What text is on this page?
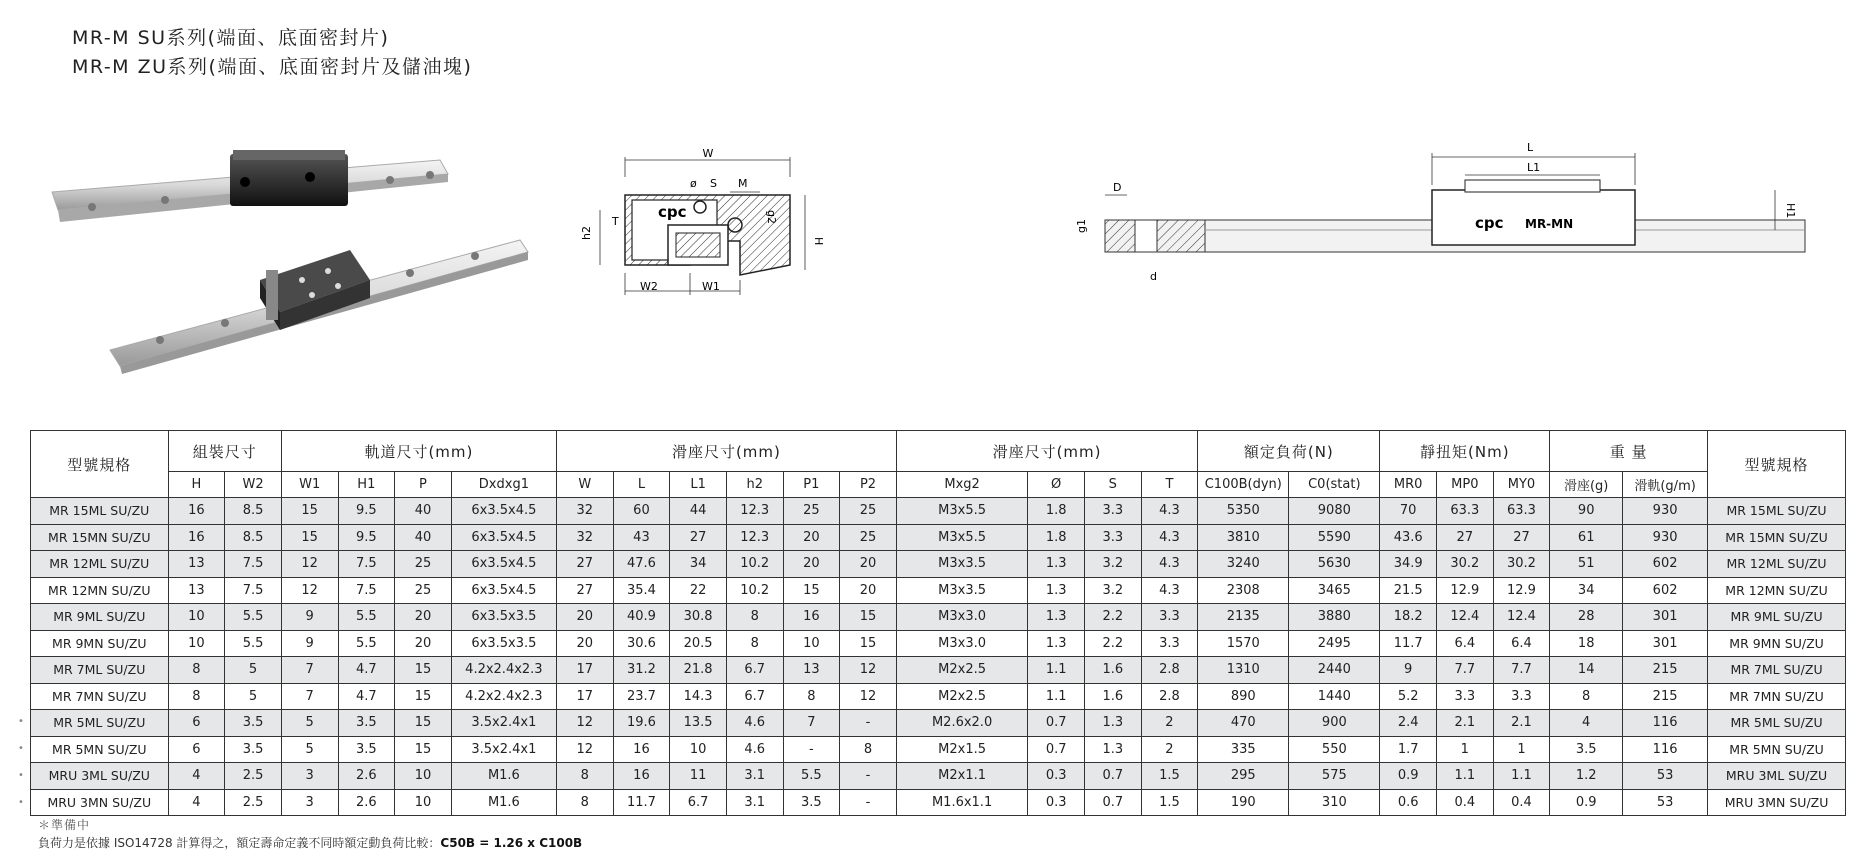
MR-M SU系列(端面、底面密封片)
MR-M ZU系列(端面、底面密封片及儲油塊)
W
cpc
ø S M
g2
h2
T
H
W2	W1
D
g1
d
L
L1
cpc MR-MN
H1
型號規格	組裝尺寸		軌道尺寸(mm)				滑座尺寸(mm)						滑座尺寸(mm)				額定負荷(N)		靜扭矩(Nm)			重 量		型號規格
	H	W2	W1	H1	P	Dxdxg1	W	L	L1	h2	P1	P2	Mxg2	Ø	S	T	C100B(dyn)	C0(stat)	MR0	MP0	MY0	滑座(g)	滑軌(g/m)	
MR 15ML SU/ZU	16	8.5	15	9.5	40	6x3.5x4.5	32	60	44	12.3	25	25	M3x5.5	1.8	3.3	4.3	5350	9080	70	63.3	63.3	90	930	MR 15ML SU/ZU
MR 15MN SU/ZU	16	8.5	15	9.5	40	6x3.5x4.5	32	43	27	12.3	20	25	M3x5.5	1.8	3.3	4.3	3810	5590	43.6	27	27	61	930	MR 15MN SU/ZU
MR 12ML SU/ZU	13	7.5	12	7.5	25	6x3.5x4.5	27	47.6	34	10.2	20	20	M3x3.5	1.3	3.2	4.3	3240	5630	34.9	30.2	30.2	51	602	MR 12ML SU/ZU
MR 12MN SU/ZU	13	7.5	12	7.5	25	6x3.5x4.5	27	35.4	22	10.2	15	20	M3x3.5	1.3	3.2	4.3	2308	3465	21.5	12.9	12.9	34	602	MR 12MN SU/ZU
MR 9ML SU/ZU	10	5.5	9	5.5	20	6x3.5x3.5	20	40.9	30.8	8	16	15	M3x3.0	1.3	2.2	3.3	2135	3880	18.2	12.4	12.4	28	301	MR 9ML SU/ZU
MR 9MN SU/ZU	10	5.5	9	5.5	20	6x3.5x3.5	20	30.6	20.5	8	10	15	M3x3.0	1.3	2.2	3.3	1570	2495	11.7	6.4	6.4	18	301	MR 9MN SU/ZU
MR 7ML SU/ZU	8	5	7	4.7	15	4.2x2.4x2.3	17	31.2	21.8	6.7	13	12	M2x2.5	1.1	1.6	2.8	1310	2440	9	7.7	7.7	14	215	MR 7ML SU/ZU
MR 7MN SU/ZU	8	5	7	4.7	15	4.2x2.4x2.3	17	23.7	14.3	6.7	8	12	M2x2.5	1.1	1.6	2.8	890	1440	5.2	3.3	3.3	8	215	MR 7MN SU/ZU
MR 5ML SU/ZU	6	3.5	5	3.5	15	3.5x2.4x1	12	19.6	13.5	4.6	7	-	M2.6x2.0	0.7	1.3	2	470	900	2.4	2.1	2.1	4	116	MR 5ML SU/ZU
MR 5MN SU/ZU	6	3.5	5	3.5	15	3.5x2.4x1	12	16	10	4.6	-	8	M2x1.5	0.7	1.3	2	335	550	1.7	1	1	3.5	116	MR 5MN SU/ZU
MRU 3ML SU/ZU	4	2.5	3	2.6	10	M1.6	8	16	11	3.1	5.5	-	M2x1.1	0.3	0.7	1.5	295	575	0.9	1.1	1.1	1.2	53	MRU 3ML SU/ZU
MRU 3MN SU/ZU	4	2.5	3	2.6	10	M1.6	8	11.7	6.7	3.1	3.5	-	M1.6x1.1	0.3	0.7	1.5	190	310	0.6	0.4	0.4	0.9	53	MRU 3MN SU/ZU
•
•
•
•
＊準備中
負荷力是依據 ISO14728 計算得之，額定壽命定義不同時額定動負荷比較：C50B = 1.26 x C100B
